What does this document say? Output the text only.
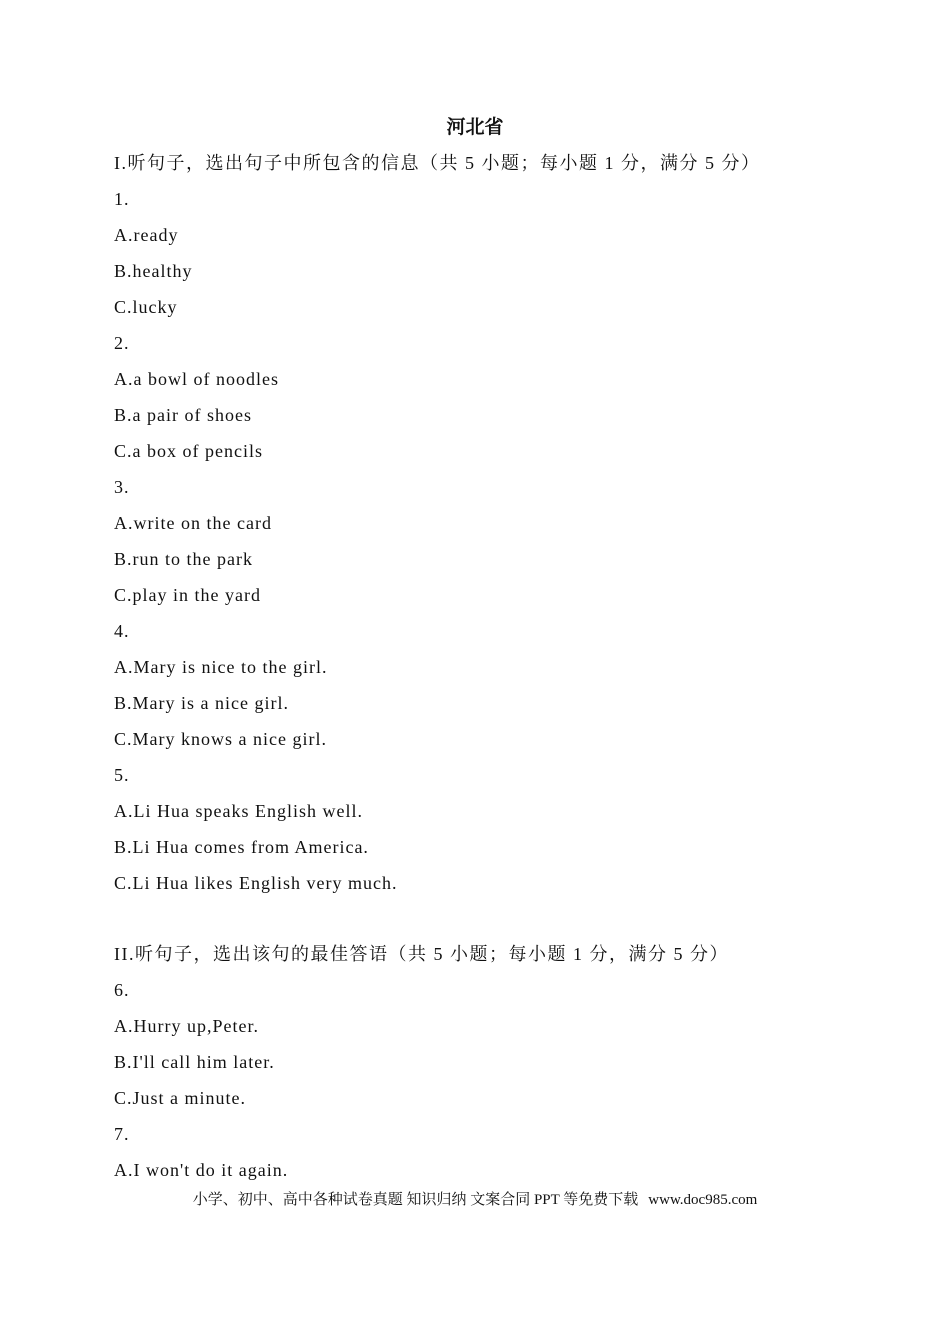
河北省
I.听句子，选出句子中所包含的信息（共 5 小题；每小题 1 分，满分 5 分）
1.
A.ready
B.healthy
C.lucky
2.
A.a bowl of noodles
B.a pair of shoes
C.a box of pencils
3.
A.write on the card
B.run to the park
C.play in the yard
4.
A.Mary is nice to the girl.
B.Mary is a nice girl.
C.Mary knows a nice girl.
5.
A.Li Hua speaks English well.
B.Li Hua comes from America.
C.Li Hua likes English very much.
II.听句子，选出该句的最佳答语（共 5 小题；每小题 1 分，满分 5 分）
6.
A.Hurry up,Peter.
B.I'll call him later.
C.Just a minute.
7.
A.I won't do it again.
小学、初中、高中各种试卷真题 知识归纳 文案合同 PPT 等免费下载 www.doc985.com
